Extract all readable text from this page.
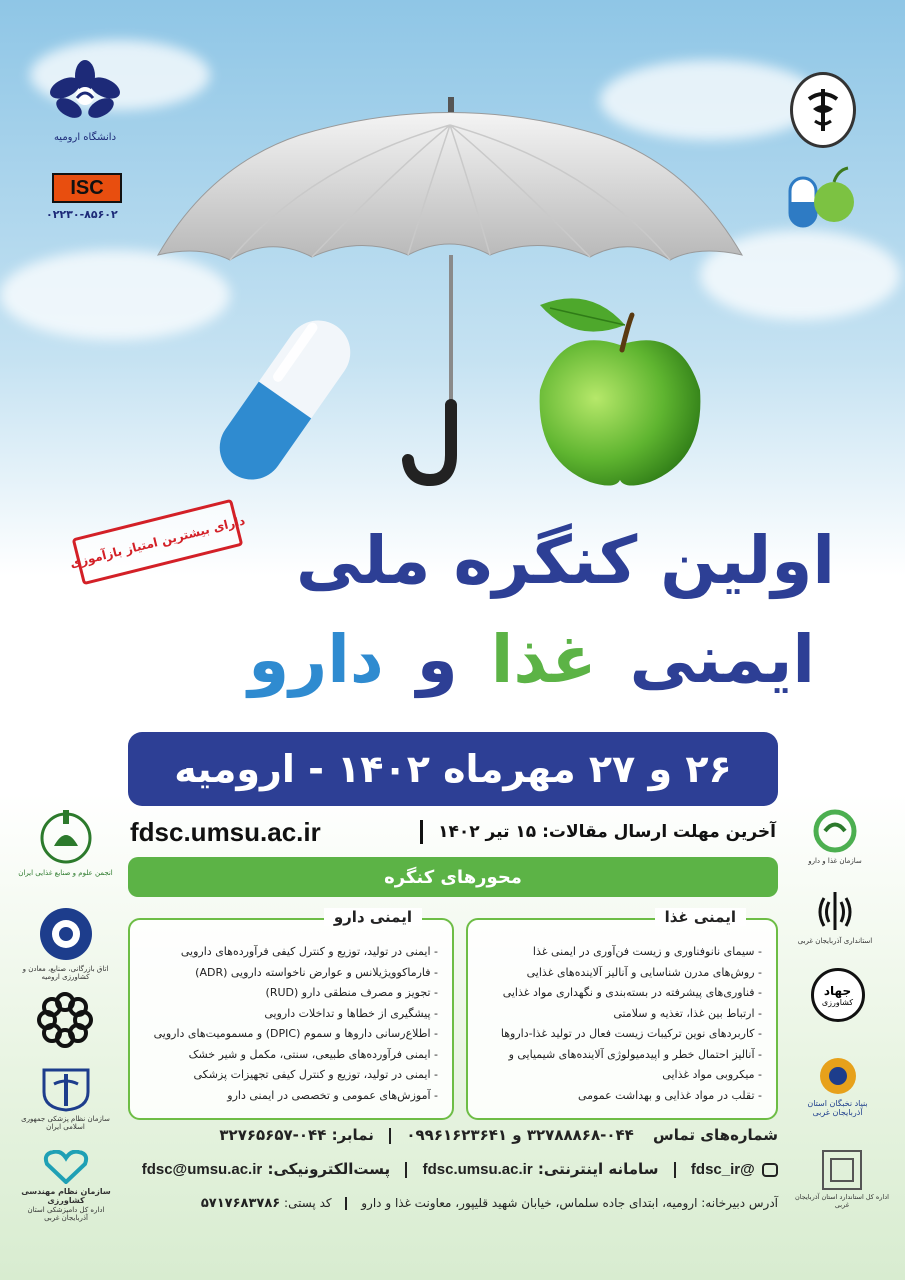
دانشگاه ارومیه
ISC
۰۲۲۳۰-۸۵۶۰۲
دارای بیشترین امتیاز بازآموزی اولین کنگره ملی
ایمنی غذا و دارو
۲۶ و ۲۷ مهرماه ۱۴۰۲ - ارومیه
fdsc.umsu.ac.ir	آخرین مهلت ارسال مقالات: ۱۵ تیر ۱۴۰۲
محورهای کنگره
ایمنی غذا
- سیمای نانوفناوری و زیست فن‌آوری در ایمنی غذا
- روش‌های مدرن شناسایی و آنالیز آلاینده‌های غذایی
- فناوری‌های پیشرفته در بسته‌بندی و نگهداری مواد غذایی
- ارتباط بین غذا، تغذیه و سلامتی
- کاربردهای نوین ترکیبات زیست فعال در تولید غذا-داروها
- آنالیز احتمال خطر و اپیدمیولوژی آلاینده‌های شیمیایی و
- میکروبی مواد غذایی
- تقلب در مواد غذایی و بهداشت عمومی
ایمنی دارو
- ایمنی در تولید، توزیع و کنترل کیفی فرآورده‌های دارویی
- فارماکوویژیلانس و عوارض ناخواسته دارویی (ADR)
- تجویز و مصرف منطقی دارو (RUD)
- پیشگیری از خطاها و تداخلات دارویی
- اطلاع‌رسانی داروها و سموم (DPIC) و مسمومیت‌های دارویی
- ایمنی فرآورده‌های طبیعی، سنتی، مکمل و شیر خشک
- ایمنی در تولید، توزیع و کنترل کیفی تجهیزات پزشکی
- آموزش‌های عمومی و تخصصی در ایمنی دارو
شماره‌های تماس ۰۴۴-۳۲۷۸۸۸۶۸ و ۰۹۹۶۱۶۲۳۶۴۱  نمابر: ۰۴۴-۳۲۷۶۵۶۵۷
@fdsc_ir  سامانه اینترنتی: fdsc.umsu.ac.ir  پست‌الکترونیکی: fdsc@umsu.ac.ir
آدرس دبیرخانه: ارومیه، ابتدای جاده سلماس، خیابان شهید قلیپور، معاونت غذا و دارو  کد پستی: ۵۷۱۷۶۸۳۷۸۶
انجمن علوم و صنایع غذایی ایران
اتاق بازرگانی، صنایع، معادن و کشاورزی ارومیه
سازمان نظام پزشکی جمهوری اسلامی ایران
سازمان نظام مهندسی کشاورزی
اداره کل دامپزشکی استان آذربایجان غربی
سازمان غذا و دارو
استانداری آذربایجان غربی
جهاد
کشاورزی
بنیاد نخبگان استان آذربایجان غربی
اداره کل استاندارد استان آذربایجان غربی
